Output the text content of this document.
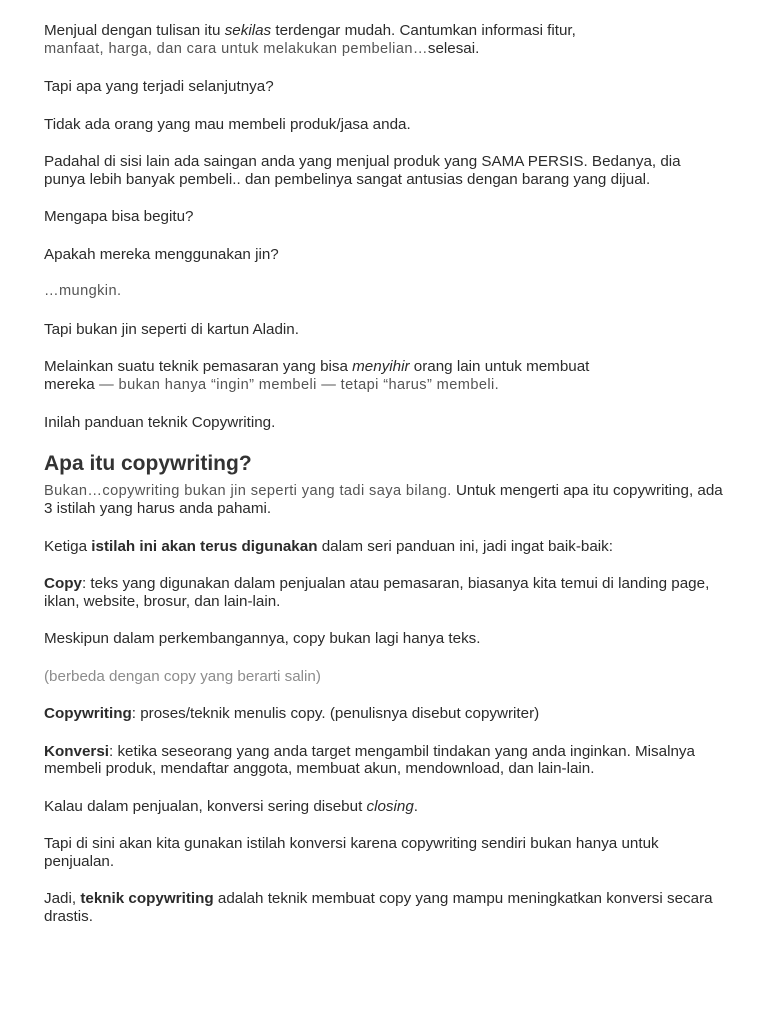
Menjual dengan tulisan itu sekilas terdengar mudah. Cantumkan informasi fitur,
manfaat, harga, dan cara untuk melakukan pembelian…selesai.

Tapi apa yang terjadi selanjutnya?

Tidak ada orang yang mau membeli produk/jasa anda.

Padahal di sisi lain ada saingan anda yang menjual produk yang SAMA PERSIS. Bedanya, dia punya lebih banyak pembeli.. dan pembelinya sangat antusias dengan barang yang dijual.

Mengapa bisa begitu?

Apakah mereka menggunakan jin?

…mungkin.

Tapi bukan jin seperti di kartun Aladin.

Melainkan suatu teknik pemasaran yang bisa menyihir orang lain untuk membuat
mereka — bukan hanya “ingin” membeli — tetapi “harus” membeli.

Inilah panduan teknik Copywriting.

Apa itu copywriting?

Bukan…copywriting bukan jin seperti yang tadi saya bilang. Untuk mengerti apa itu copywriting, ada 3 istilah yang harus anda pahami.

Ketiga istilah ini akan terus digunakan dalam seri panduan ini, jadi ingat baik-baik:

Copy: teks yang digunakan dalam penjualan atau pemasaran, biasanya kita temui di landing page, iklan, website, brosur, dan lain-lain.

Meskipun dalam perkembangannya, copy bukan lagi hanya teks.

(berbeda dengan copy yang berarti salin)

Copywriting: proses/teknik menulis copy. (penulisnya disebut copywriter)

Konversi: ketika seseorang yang anda target mengambil tindakan yang anda inginkan. Misalnya membeli produk, mendaftar anggota, membuat akun, mendownload, dan lain-lain.

Kalau dalam penjualan, konversi sering disebut closing.

Tapi di sini akan kita gunakan istilah konversi karena copywriting sendiri bukan hanya untuk penjualan.

Jadi, teknik copywriting adalah teknik membuat copy yang mampu meningkatkan konversi secara drastis.
